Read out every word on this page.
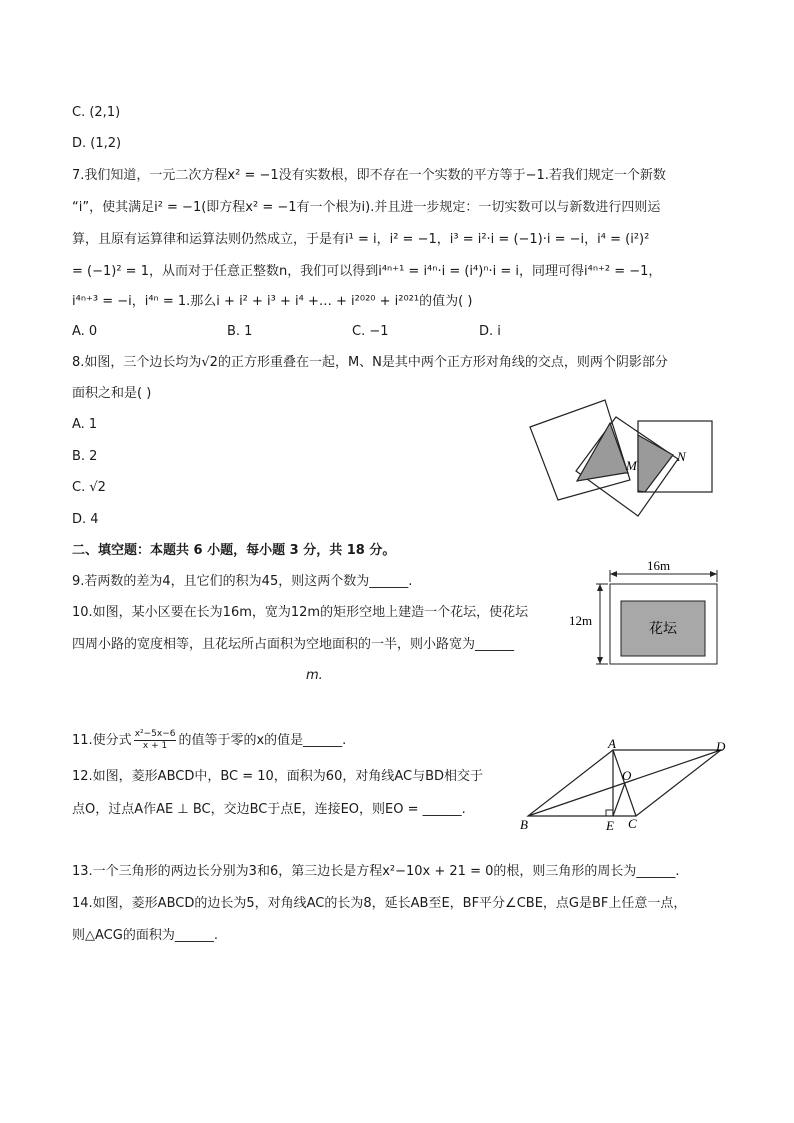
C. (2,1)
D. (1,2)
7.我们知道，一元二次方程x² = −1没有实数根，即不存在一个实数的平方等于−1.若我们规定一个新数
“i”，使其满足i² = −1(即方程x² = −1有一个根为i).并且进一步规定：一切实数可以与新数进行四则运
算，且原有运算律和运算法则仍然成立，于是有i¹ = i，i² = −1，i³ = i²·i = (−1)·i = −i，i⁴ = (i²)²
= (−1)² = 1，从而对于任意正整数n，我们可以得到i⁴ⁿ⁺¹ = i⁴ⁿ·i = (i⁴)ⁿ·i = i，同理可得i⁴ⁿ⁺² = −1，
i⁴ⁿ⁺³ = −i，i⁴ⁿ = 1.那么i + i² + i³ + i⁴ +… + i²⁰²⁰ + i²⁰²¹的值为( )
A. 0	B. 1	C. −1	D. i
8.如图，三个边长均为√2的正方形重叠在一起，M、N是其中两个正方形对角线的交点，则两个阴影部分
面积之和是( )
A. 1
B. 2
C. √2
D. 4
M
N
二、填空题：本题共 6 小题，每小题 3 分，共 18 分。
9.若两数的差为4，且它们的积为45，则这两个数为______.
10.如图，某小区要在长为16m，宽为12m的矩形空地上建造一个花坛，使花坛
四周小路的宽度相等，且花坛所占面积为空地面积的一半，则小路宽为______
m.
16m
12m
花坛
11.使分式 $\frac{\text{x²−5x−6}}{x + 1}$ 的值等于零的x的值是______.
12.如图，菱形ABCD中，BC = 10，面积为60，对角线AC与BD相交于
点O，过点A作AE ⊥ BC，交边BC于点E，连接EO，则EO = ______.
A	D
O
B	E C
13.一个三角形的两边长分别为3和6，第三边长是方程x²−10x + 21 = 0的根，则三角形的周长为______.
14.如图，菱形ABCD的边长为5，对角线AC的长为8，延长AB至E，BF平分∠CBE，点G是BF上任意一点，
则△ACG的面积为______.
